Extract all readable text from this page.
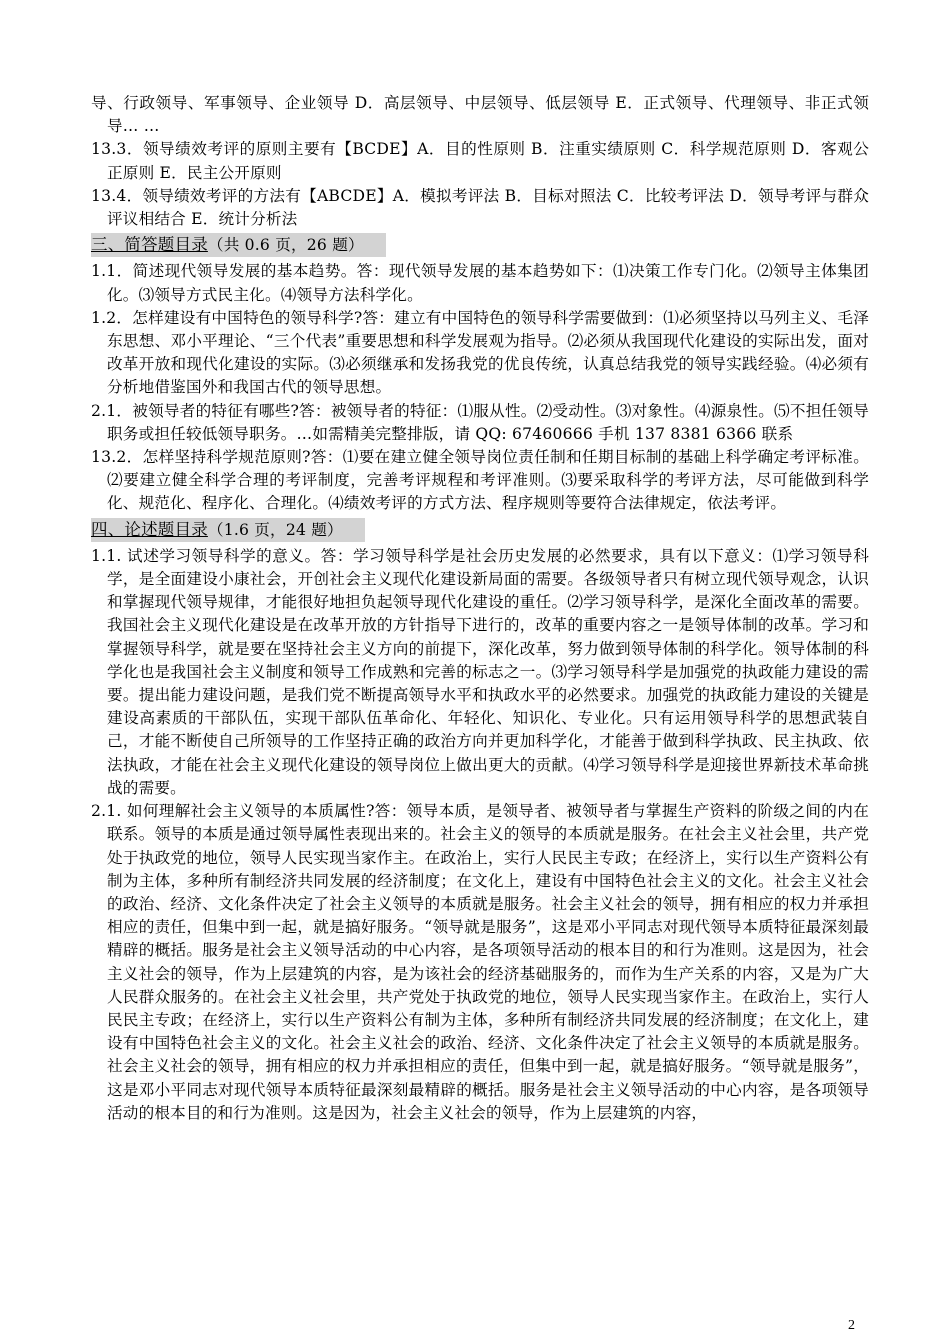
导、行政领导、军事领导、企业领导 D．高层领导、中层领导、低层领导 E．正式领导、代理领导、非正式领导… …

13.3．领导绩效考评的原则主要有【BCDE】A．目的性原则 B．注重实绩原则 C．科学规范原则 D．客观公正原则 E．民主公开原则

13.4．领导绩效考评的方法有【ABCDE】A．模拟考评法 B．目标对照法 C．比较考评法 D．领导考评与群众评议相结合 E．统计分析法

三、简答题目录（共 0.6 页，26 题）

1.1．简述现代领导发展的基本趋势。答：现代领导发展的基本趋势如下：⑴决策工作专门化。⑵领导主体集团化。⑶领导方式民主化。⑷领导方法科学化。

1.2．怎样建设有中国特色的领导科学?答：建立有中国特色的领导科学需要做到：⑴必须坚持以马列主义、毛泽东思想、邓小平理论、“三个代表”重要思想和科学发展观为指导。⑵必须从我国现代化建设的实际出发，面对改革开放和现代化建设的实际。⑶必须继承和发扬我党的优良传统，认真总结我党的领导实践经验。⑷必须有分析地借鉴国外和我国古代的领导思想。

2.1．被领导者的特征有哪些?答：被领导者的特征：⑴服从性。⑵受动性。⑶对象性。⑷源泉性。⑸不担任领导职务或担任较低领导职务。…如需精美完整排版，请 QQ: 67460666 手机 137 8381 6366 联系

13.2．怎样坚持科学规范原则?答：⑴要在建立健全领导岗位责任制和任期目标制的基础上科学确定考评标准。⑵要建立健全科学合理的考评制度，完善考评规程和考评准则。⑶要采取科学的考评方法，尽可能做到科学化、规范化、程序化、合理化。⑷绩效考评的方式方法、程序规则等要符合法律规定，依法考评。

四、论述题目录（1.6 页，24 题）

1.1. 试述学习领导科学的意义。答：学习领导科学是社会历史发展的必然要求，具有以下意义：⑴学习领导科学，是全面建设小康社会，开创社会主义现代化建设新局面的需要。各级领导者只有树立现代领导观念，认识和掌握现代领导规律，才能很好地担负起领导现代化建设的重任。⑵学习领导科学，是深化全面改革的需要。我国社会主义现代化建设是在改革开放的方针指导下进行的，改革的重要内容之一是领导体制的改革。学习和掌握领导科学，就是要在坚持社会主义方向的前提下，深化改革，努力做到领导体制的科学化。领导体制的科学化也是我国社会主义制度和领导工作成熟和完善的标志之一。⑶学习领导科学是加强党的执政能力建设的需要。提出能力建设问题，是我们党不断提高领导水平和执政水平的必然要求。加强党的执政能力建设的关键是建设高素质的干部队伍，实现干部队伍革命化、年轻化、知识化、专业化。只有运用领导科学的思想武装自己，才能不断使自己所领导的工作坚持正确的政治方向并更加科学化，才能善于做到科学执政、民主执政、依法执政，才能在社会主义现代化建设的领导岗位上做出更大的贡献。⑷学习领导科学是迎接世界新技术革命挑战的需要。

2.1. 如何理解社会主义领导的本质属性?答：领导本质，是领导者、被领导者与掌握生产资料的阶级之间的内在联系。领导的本质是通过领导属性表现出来的。社会主义的领导的本质就是服务。在社会主义社会里，共产党处于执政党的地位，领导人民实现当家作主。在政治上，实行人民民主专政；在经济上，实行以生产资料公有制为主体，多种所有制经济共同发展的经济制度；在文化上，建设有中国特色社会主义的文化。社会主义社会的政治、经济、文化条件决定了社会主义领导的本质就是服务。社会主义社会的领导，拥有相应的权力并承担相应的责任，但集中到一起，就是搞好服务。“领导就是服务”，这是邓小平同志对现代领导本质特征最深刻最精辟的概括。服务是社会主义领导活动的中心内容，是各项领导活动的根本目的和行为准则。这是因为，社会主义社会的领导，作为上层建筑的内容，是为该社会的经济基础服务的，而作为生产关系的内容，又是为广大人民群众服务的。在社会主义社会里，共产党处于执政党的地位，领导人民实现当家作主。在政治上，实行人民民主专政；在经济上，实行以生产资料公有制为主体，多种所有制经济共同发展的经济制度；在文化上，建设有中国特色社会主义的文化。社会主义社会的政治、经济、文化条件决定了社会主义领导的本质就是服务。社会主义社会的领导，拥有相应的权力并承担相应的责任，但集中到一起，就是搞好服务。“领导就是服务”，这是邓小平同志对现代领导本质特征最深刻最精辟的概括。服务是社会主义领导活动的中心内容，是各项领导活动的根本目的和行为准则。这是因为，社会主义社会的领导，作为上层建筑的内容，

2
